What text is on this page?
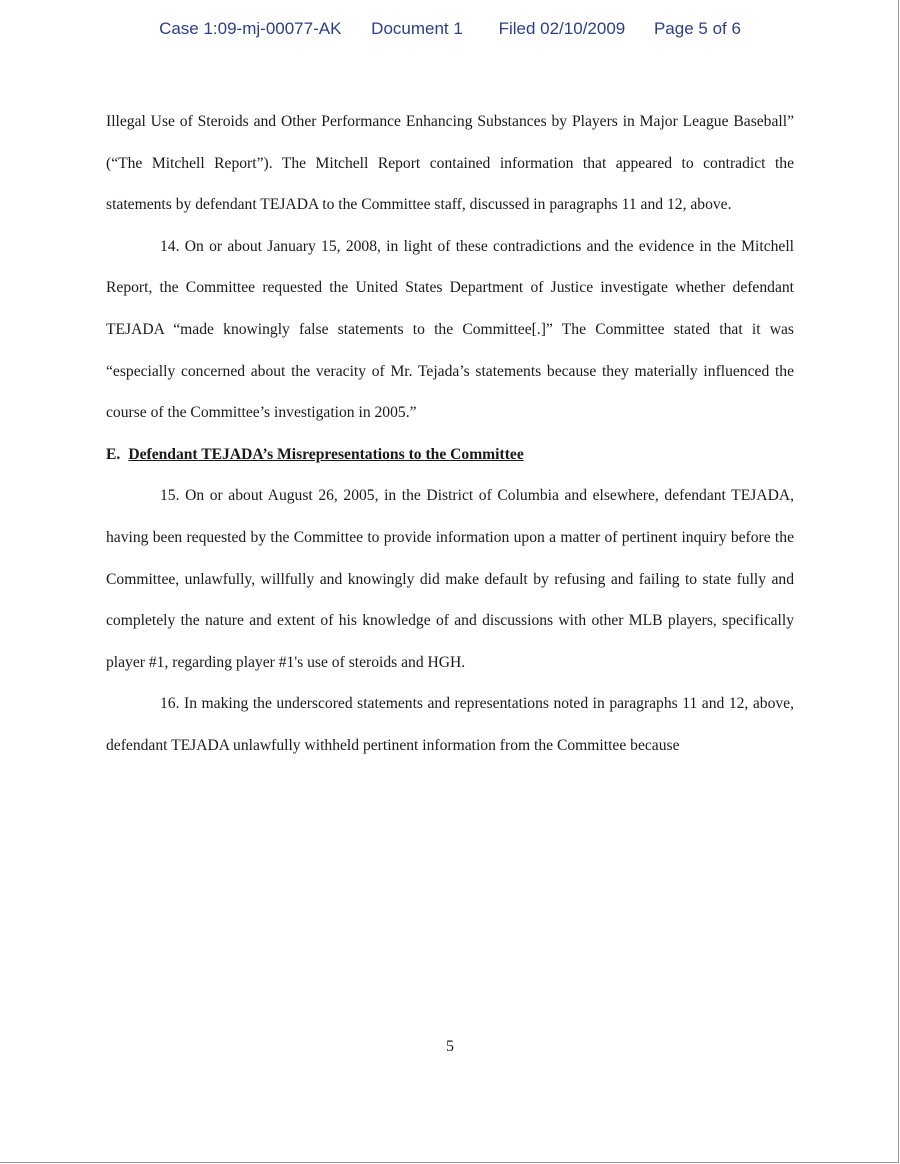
Case 1:09-mj-00077-AK Document 1 Filed 02/10/2009 Page 5 of 6

Illegal Use of Steroids and Other Performance Enhancing Substances by Players in Major League Baseball” (“The Mitchell Report”). The Mitchell Report contained information that appeared to contradict the statements by defendant TEJADA to the Committee staff, discussed in paragraphs 11 and 12, above.

14. On or about January 15, 2008, in light of these contradictions and the evidence in the Mitchell Report, the Committee requested the United States Department of Justice investigate whether defendant TEJADA “made knowingly false statements to the Committee[.]” The Committee stated that it was “especially concerned about the veracity of Mr. Tejada’s statements because they materially influenced the course of the Committee’s investigation in 2005.”

E. Defendant TEJADA’s Misrepresentations to the Committee

15. On or about August 26, 2005, in the District of Columbia and elsewhere, defendant TEJADA, having been requested by the Committee to provide information upon a matter of pertinent inquiry before the Committee, unlawfully, willfully and knowingly did make default by refusing and failing to state fully and completely the nature and extent of his knowledge of and discussions with other MLB players, specifically player #1, regarding player #1's use of steroids and HGH.

16. In making the underscored statements and representations noted in paragraphs 11 and 12, above, defendant TEJADA unlawfully withheld pertinent information from the Committee because

5
